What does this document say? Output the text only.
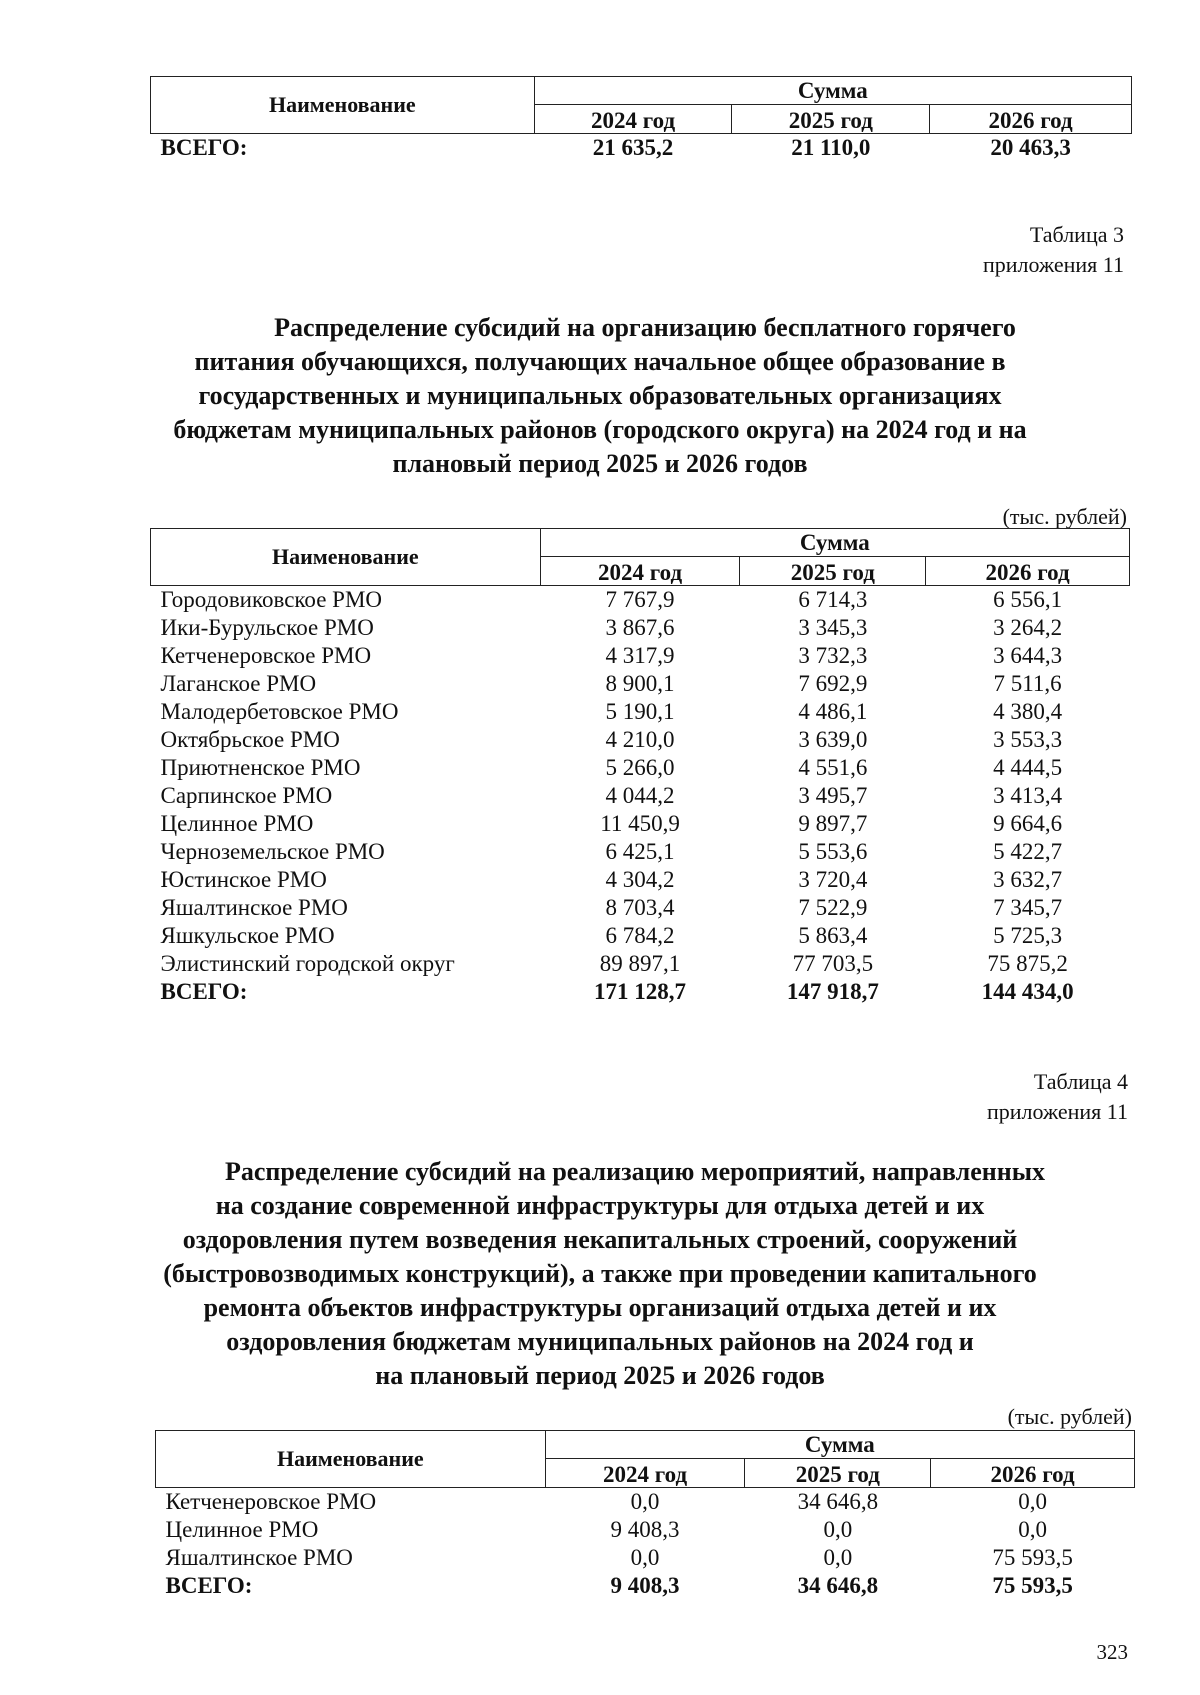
Наименование	Сумма		
	2024 год	2025 год	2026 год
ВСЕГО:	21 635,2	21 110,0	20 463,3
Таблица 3
приложения 11
Распределение субсидий на организацию бесплатного горячего
питания обучающихся, получающих начальное общее образование в
государственных и муниципальных образовательных организациях
бюджетам муниципальных районов (городского округа) на 2024 год и на
плановый период 2025 и 2026 годов
(тыс. рублей)
Наименование	Сумма		
	2024 год	2025 год	2026 год
Городовиковское РМО	7 767,9	6 714,3	6 556,1
Ики-Бурульское РМО	3 867,6	3 345,3	3 264,2
Кетченеровское РМО	4 317,9	3 732,3	3 644,3
Лаганское РМО	8 900,1	7 692,9	7 511,6
Малодербетовское РМО	5 190,1	4 486,1	4 380,4
Октябрьское РМО	4 210,0	3 639,0	3 553,3
Приютненское РМО	5 266,0	4 551,6	4 444,5
Сарпинское РМО	4 044,2	3 495,7	3 413,4
Целинное РМО	11 450,9	9 897,7	9 664,6
Черноземельское РМО	6 425,1	5 553,6	5 422,7
Юстинское РМО	4 304,2	3 720,4	3 632,7
Яшалтинское РМО	8 703,4	7 522,9	7 345,7
Яшкульское РМО	6 784,2	5 863,4	5 725,3
Элистинский городской округ	89 897,1	77 703,5	75 875,2
ВСЕГО:	171 128,7	147 918,7	144 434,0
Таблица 4
приложения 11
Распределение субсидий на реализацию мероприятий, направленных
на создание современной инфраструктуры для отдыха детей и их
оздоровления путем возведения некапитальных строений, сооружений
(быстровозводимых конструкций), а также при проведении капитального
ремонта объектов инфраструктуры организаций отдыха детей и их
оздоровления бюджетам муниципальных районов на 2024 год и
на плановый период 2025 и 2026 годов
(тыс. рублей)
Наименование	Сумма		
	2024 год	2025 год	2026 год
Кетченеровское РМО	0,0	34 646,8	0,0
Целинное РМО	9 408,3	0,0	0,0
Яшалтинское РМО	0,0	0,0	75 593,5
ВСЕГО:	9 408,3	34 646,8	75 593,5
323
